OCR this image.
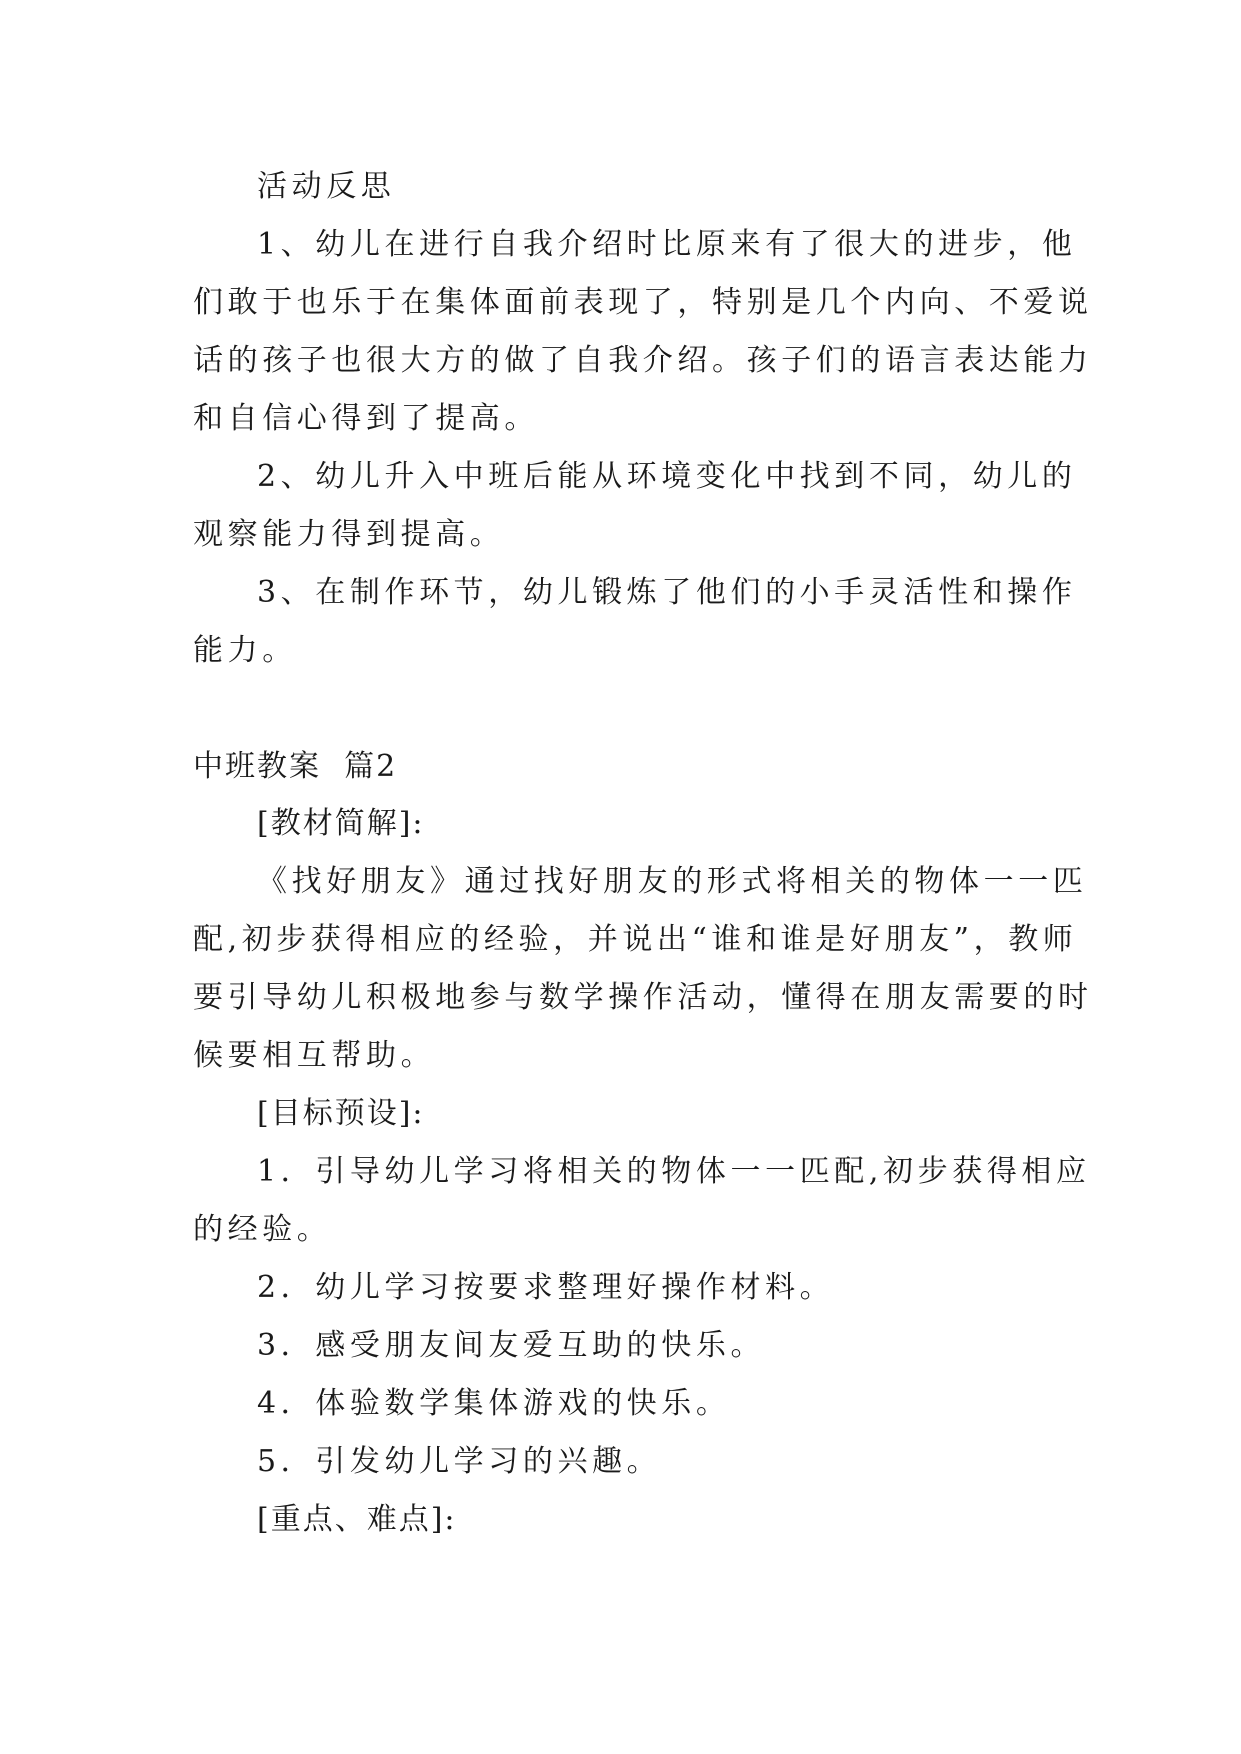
活动反思
1、幼儿在进行自我介绍时比原来有了很大的进步，他
们敢于也乐于在集体面前表现了，特别是几个内向、不爱说
话的孩子也很大方的做了自我介绍。孩子们的语言表达能力
和自信心得到了提高。
2、幼儿升入中班后能从环境变化中找到不同，幼儿的
观察能力得到提高。
3、在制作环节，幼儿锻炼了他们的小手灵活性和操作
能力。
中班教案  篇2
[教材简解]:
《找好朋友》通过找好朋友的形式将相关的物体一一匹
配,初步获得相应的经验，并说出“谁和谁是好朋友”，教师
要引导幼儿积极地参与数学操作活动，懂得在朋友需要的时
候要相互帮助。
[目标预设]:
1．引导幼儿学习将相关的物体一一匹配,初步获得相应
的经验。
2．幼儿学习按要求整理好操作材料。
3．感受朋友间友爱互助的快乐。
4．体验数学集体游戏的快乐。
5．引发幼儿学习的兴趣。
[重点、难点]:
